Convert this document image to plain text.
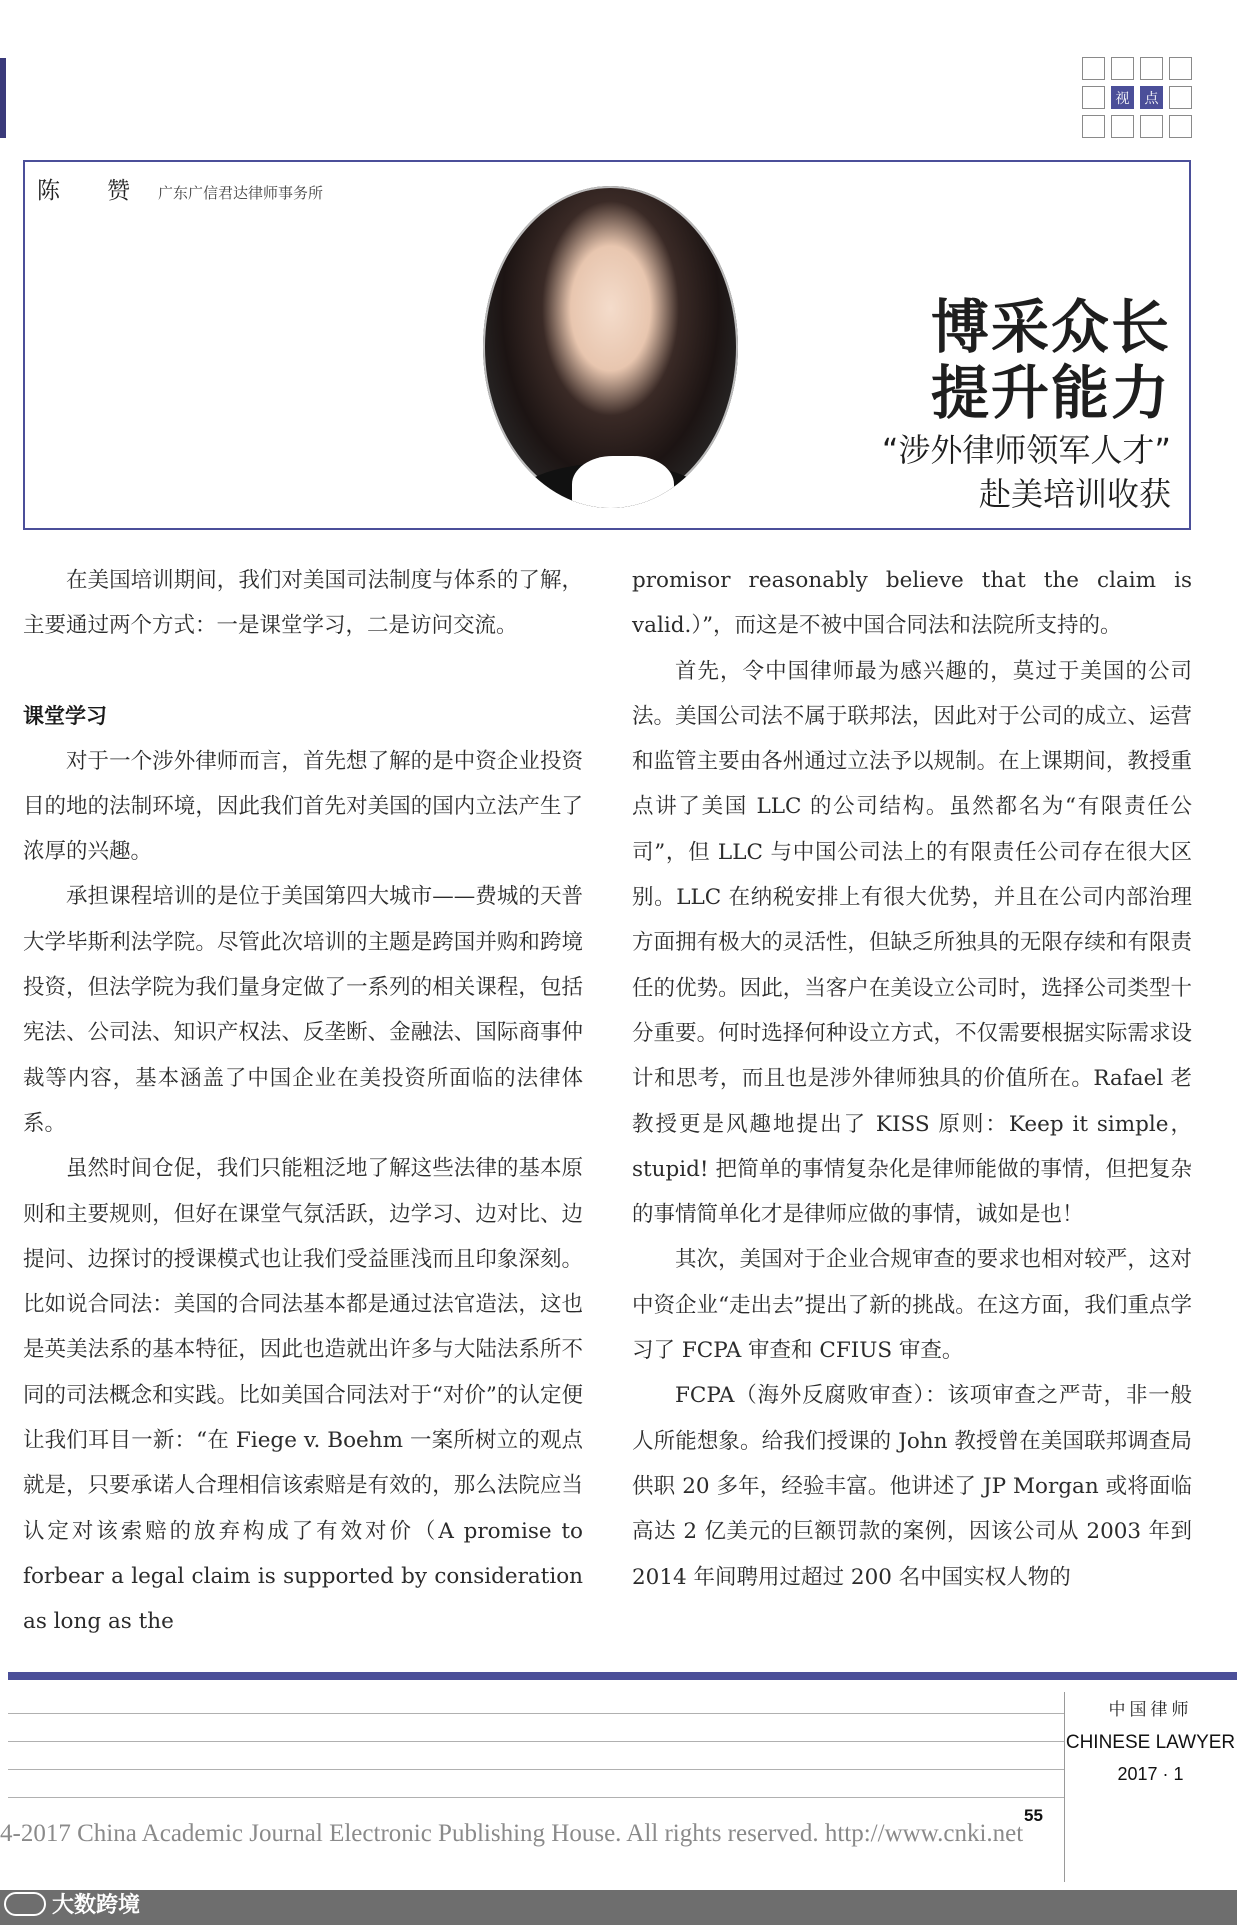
视	点
陈　赞 广东广信君达律师事务所
博采众长
提升能力
“涉外律师领军人才”
赴美培训收获

在美国培训期间，我们对美国司法制度与体系的了解，主要通过两个方式：一是课堂学习，二是访问交流。

课堂学习

对于一个涉外律师而言，首先想了解的是中资企业投资目的地的法制环境，因此我们首先对美国的国内立法产生了浓厚的兴趣。

承担课程培训的是位于美国第四大城市——费城的天普大学毕斯利法学院。尽管此次培训的主题是跨国并购和跨境投资，但法学院为我们量身定做了一系列的相关课程，包括宪法、公司法、知识产权法、反垄断、金融法、国际商事仲裁等内容，基本涵盖了中国企业在美投资所面临的法律体系。

虽然时间仓促，我们只能粗泛地了解这些法律的基本原则和主要规则，但好在课堂气氛活跃，边学习、边对比、边提问、边探讨的授课模式也让我们受益匪浅而且印象深刻。比如说合同法：美国的合同法基本都是通过法官造法，这也是英美法系的基本特征，因此也造就出许多与大陆法系所不同的司法概念和实践。比如美国合同法对于“对价”的认定便让我们耳目一新：“在 Fiege v. Boehm 一案所树立的观点就是，只要承诺人合理相信该索赔是有效的，那么法院应当认定对该索赔的放弃构成了有效对价（A promise to forbear a legal claim is supported by consideration as long as the

promisor reasonably believe that the claim is valid.）”，而这是不被中国合同法和法院所支持的。

首先，令中国律师最为感兴趣的，莫过于美国的公司法。美国公司法不属于联邦法，因此对于公司的成立、运营和监管主要由各州通过立法予以规制。在上课期间，教授重点讲了美国 LLC 的公司结构。虽然都名为“有限责任公司”，但 LLC 与中国公司法上的有限责任公司存在很大区别。LLC 在纳税安排上有很大优势，并且在公司内部治理方面拥有极大的灵活性，但缺乏所独具的无限存续和有限责任的优势。因此，当客户在美设立公司时，选择公司类型十分重要。何时选择何种设立方式，不仅需要根据实际需求设计和思考，而且也是涉外律师独具的价值所在。Rafael 老教授更是风趣地提出了 KISS 原则：Keep it simple，stupid! 把简单的事情复杂化是律师能做的事情，但把复杂的事情简单化才是律师应做的事情，诚如是也！

其次，美国对于企业合规审查的要求也相对较严，这对中资企业“走出去”提出了新的挑战。在这方面，我们重点学习了 FCPA 审查和 CFIUS 审查。

FCPA（海外反腐败审查）：该项审查之严苛，非一般人所能想象。给我们授课的 John 教授曾在美国联邦调查局供职 20 多年，经验丰富。他讲述了 JP Morgan 或将面临高达 2 亿美元的巨额罚款的案例，因该公司从 2003 年到 2014 年间聘用过超过 200 名中国实权人物的

中国律师
CHINESE LAWYER
2017 · 1
55
4-2017 China Academic Journal Electronic Publishing House. All rights reserved. http://www.cnki.net
大数跨境
